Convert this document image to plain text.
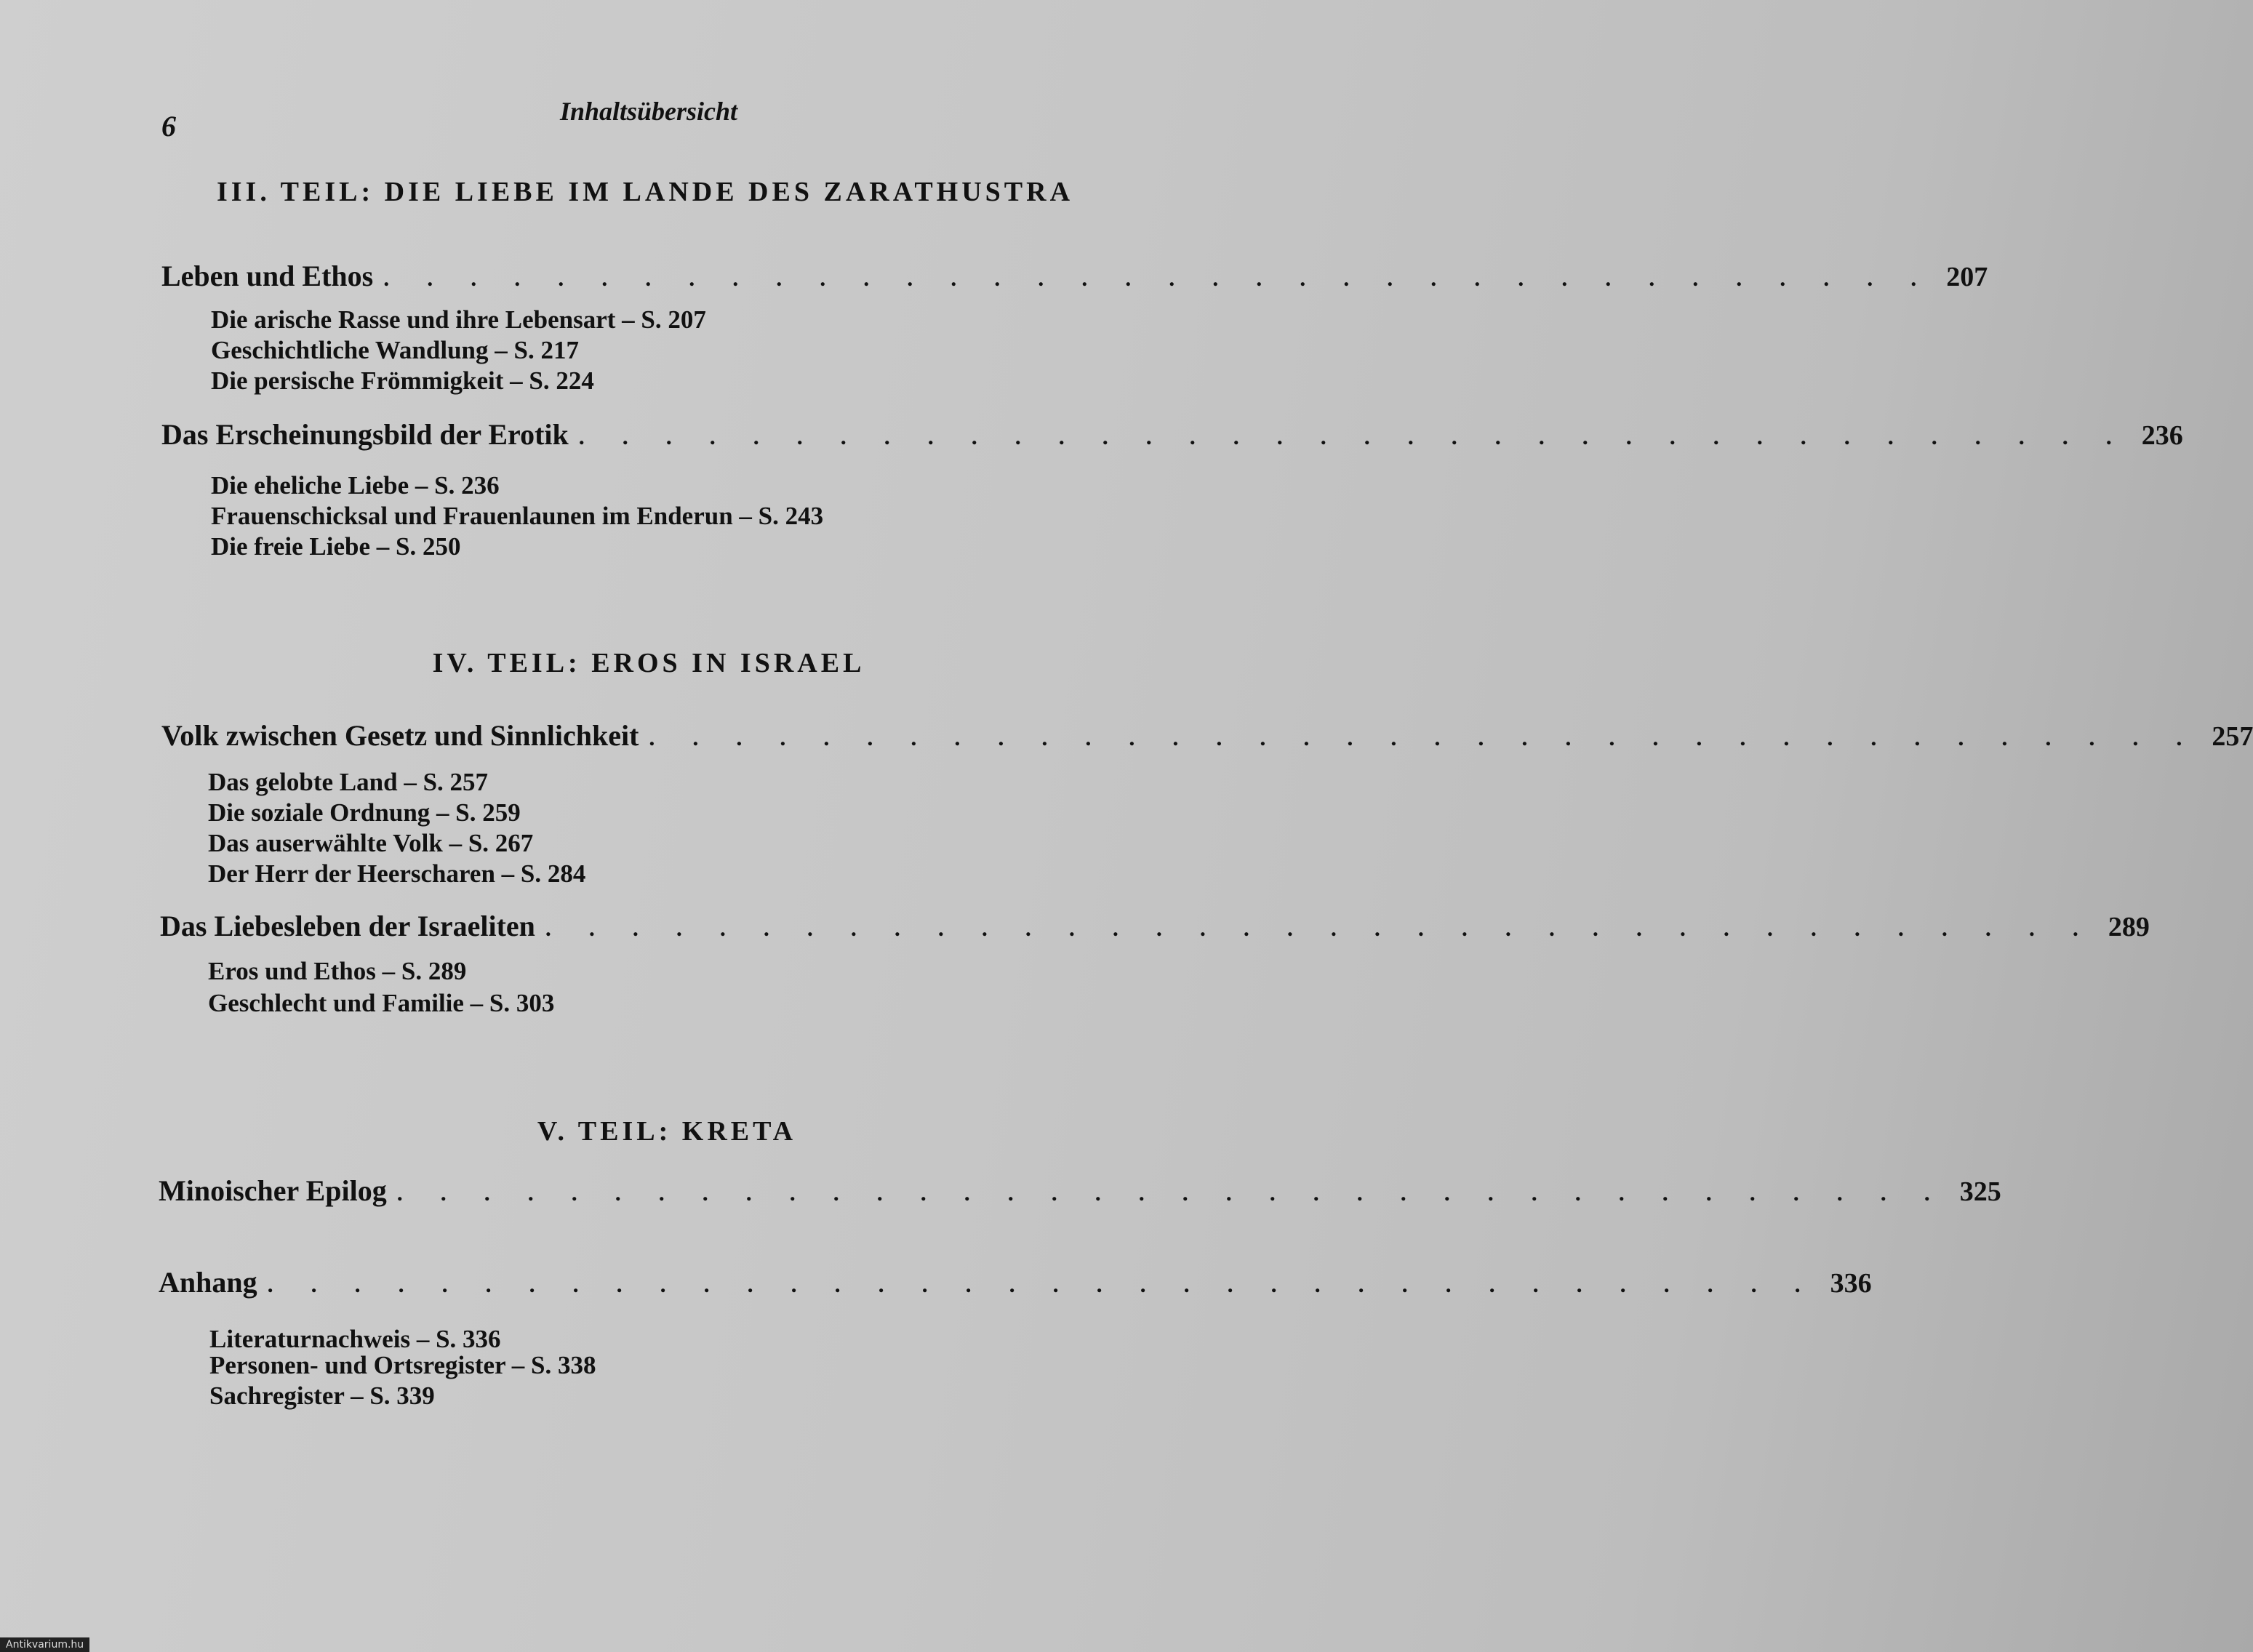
6	Inhaltsübersicht
III. TEIL: DIE LIEBE IM LANDE DES ZARATHUSTRA
Leben und Ethos . . . . . . . . . . . . . . . . . . . . . . . . . . . . . . . . . . . . 207
Die arische Rasse und ihre Lebensart – S. 207
Geschichtliche Wandlung – S. 217
Die persische Frömmigkeit – S. 224
Das Erscheinungsbild der Erotik . . . . . . . . . . . . . . . . . . . . . . . . . . . . . . . . . . . . 236
Die eheliche Liebe – S. 236
Frauenschicksal und Frauenlaunen im Enderun – S. 243
Die freie Liebe – S. 250
IV. TEIL: EROS IN ISRAEL
Volk zwischen Gesetz und Sinnlichkeit . . . . . . . . . . . . . . . . . . . . . . . . . . . . . . . . . . . . 257
Das gelobte Land – S. 257
Die soziale Ordnung – S. 259
Das auserwählte Volk – S. 267
Der Herr der Heerscharen – S. 284
Das Liebesleben der Israeliten . . . . . . . . . . . . . . . . . . . . . . . . . . . . . . . . . . . . 289
Eros und Ethos – S. 289
Geschlecht und Familie – S. 303
V. TEIL: KRETA
Minoischer Epilog . . . . . . . . . . . . . . . . . . . . . . . . . . . . . . . . . . . . 325
Anhang . . . . . . . . . . . . . . . . . . . . . . . . . . . . . . . . . . . . 336
Literaturnachweis – S. 336
Personen- und Ortsregister – S. 338
Sachregister – S. 339
Antikvarium.hu
